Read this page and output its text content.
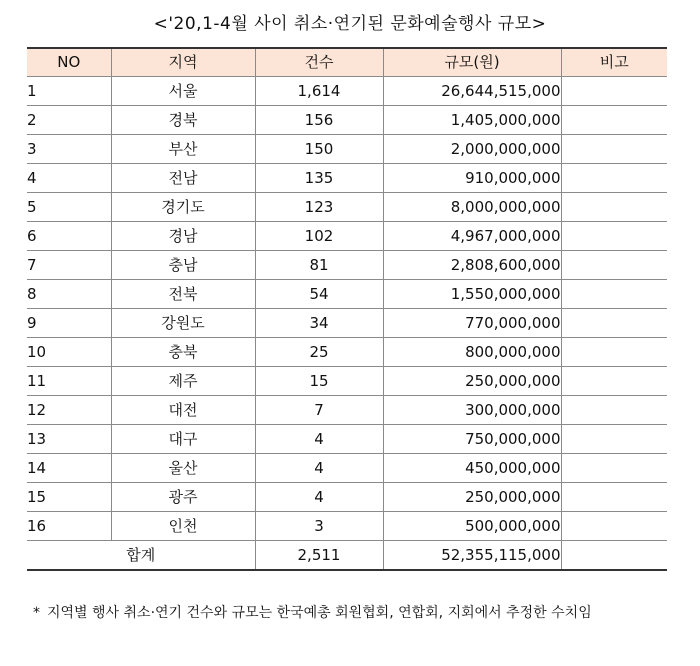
<'20,1-4월 사이 취소·연기된 문화예술행사 규모>
NO	지역	건수	규모(원)	비고
1	서울	1,614	26,644,515,000	
2	경북	156	1,405,000,000	
3	부산	150	2,000,000,000	
4	전남	135	910,000,000	
5	경기도	123	8,000,000,000	
6	경남	102	4,967,000,000	
7	충남	81	2,808,600,000	
8	전북	54	1,550,000,000	
9	강원도	34	770,000,000	
10	충북	25	800,000,000	
11	제주	15	250,000,000	
12	대전	7	300,000,000	
13	대구	4	750,000,000	
14	울산	4	450,000,000	
15	광주	4	250,000,000	
16	인천	3	500,000,000	
합계		2,511	52,355,115,000	
* 지역별 행사 취소·연기 건수와 규모는 한국예총 회원협회, 연합회, 지회에서 추정한 수치임
